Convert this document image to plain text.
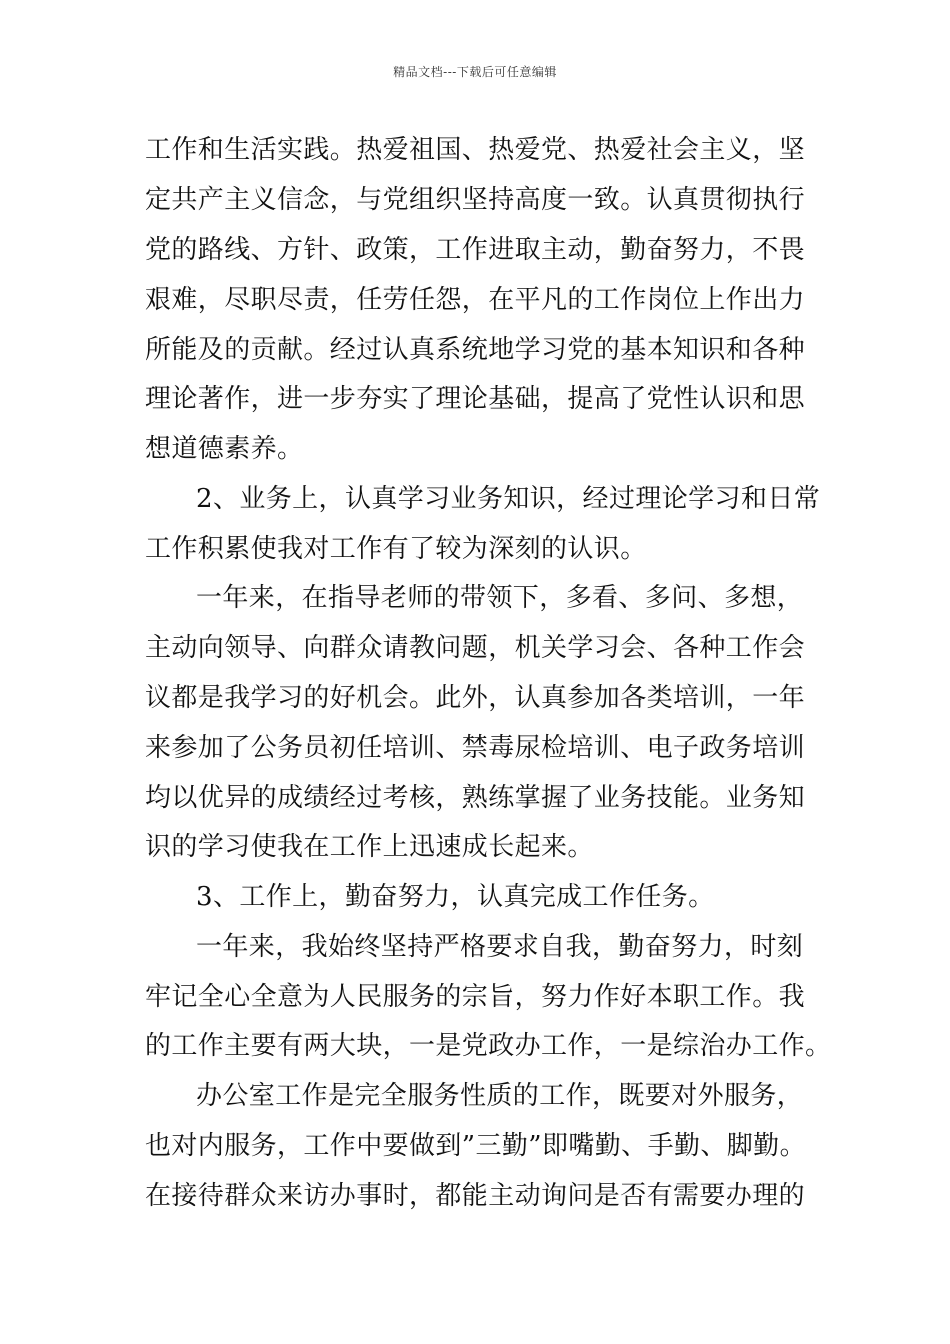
精品文档---下载后可任意编辑
工作和生活实践。热爱祖国、热爱党、热爱社会主义，坚
定共产主义信念，与党组织坚持高度一致。认真贯彻执行
党的路线、方针、政策，工作进取主动，勤奋努力，不畏
艰难，尽职尽责，任劳任怨，在平凡的工作岗位上作出力
所能及的贡献。经过认真系统地学习党的基本知识和各种
理论著作，进一步夯实了理论基础，提高了党性认识和思
想道德素养。
2、业务上，认真学习业务知识，经过理论学习和日常
工作积累使我对工作有了较为深刻的认识。
一年来，在指导老师的带领下，多看、多问、多想，
主动向领导、向群众请教问题，机关学习会、各种工作会
议都是我学习的好机会。此外，认真参加各类培训，一年
来参加了公务员初任培训、禁毒尿检培训、电子政务培训
均以优异的成绩经过考核，熟练掌握了业务技能。业务知
识的学习使我在工作上迅速成长起来。
3、工作上，勤奋努力，认真完成工作任务。
一年来，我始终坚持严格要求自我，勤奋努力，时刻
牢记全心全意为人民服务的宗旨，努力作好本职工作。我
的工作主要有两大块，一是党政办工作，一是综治办工作。
办公室工作是完全服务性质的工作，既要对外服务，
也对内服务，工作中要做到”三勤”即嘴勤、手勤、脚勤。
在接待群众来访办事时，都能主动询问是否有需要办理的
